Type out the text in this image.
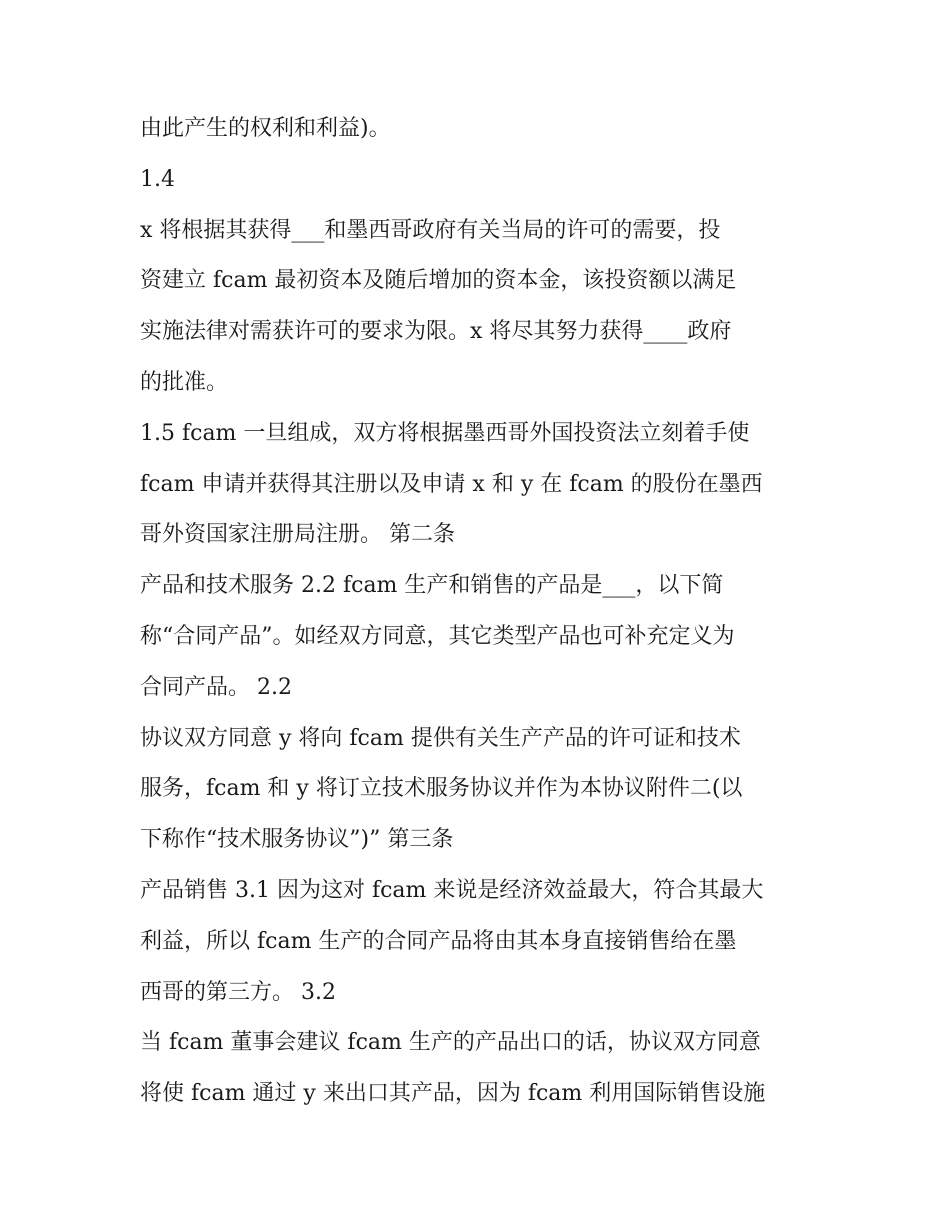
由此产生的权利和利益)。
1.4
x 将根据其获得___和墨西哥政府有关当局的许可的需要，投
资建立 fcam 最初资本及随后增加的资本金，该投资额以满足
实施法律对需获许可的要求为限。x 将尽其努力获得____政府
的批准。
1.5 fcam 一旦组成，双方将根据墨西哥外国投资法立刻着手使
fcam 申请并获得其注册以及申请 x 和 y 在 fcam 的股份在墨西
哥外资国家注册局注册。 第二条
产品和技术服务 2.2 fcam 生产和销售的产品是___，以下简
称“合同产品”。如经双方同意，其它类型产品也可补充定义为
合同产品。 2.2
协议双方同意 y 将向 fcam 提供有关生产产品的许可证和技术
服务，fcam 和 y 将订立技术服务协议并作为本协议附件二(以
下称作“技术服务协议”)” 第三条
产品销售 3.1 因为这对 fcam 来说是经济效益最大，符合其最大
利益，所以 fcam 生产的合同产品将由其本身直接销售给在墨
西哥的第三方。 3.2
当 fcam 董事会建议 fcam 生产的产品出口的话，协议双方同意
将使 fcam 通过 y 来出口其产品，因为 fcam 利用国际销售设施
